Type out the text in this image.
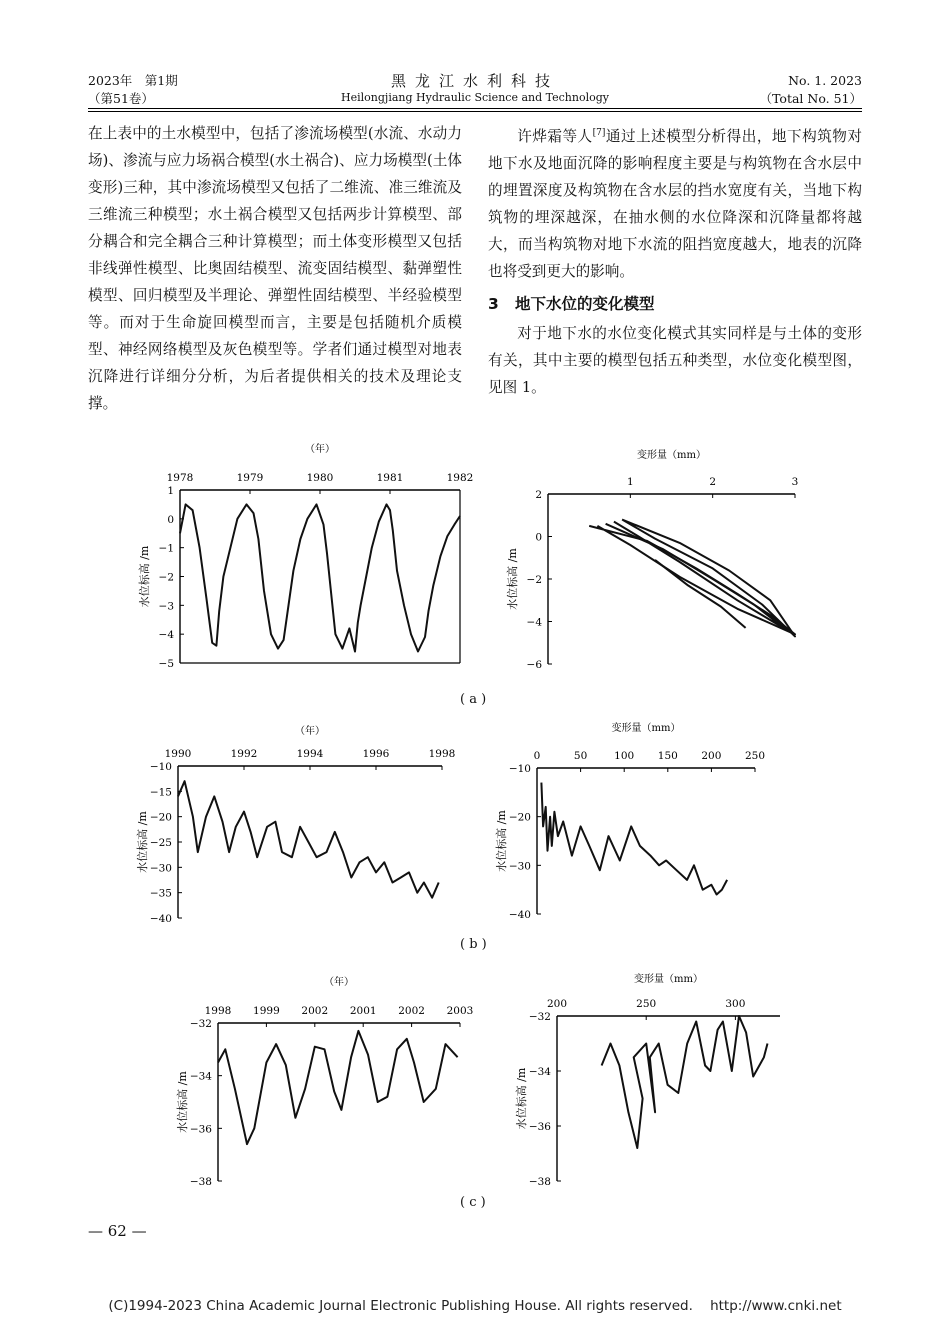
2023年　第1期
（第51卷）
黑龙江水利科技
Heilongjiang Hydraulic Science and Technology
No. 1. 2023
（Total No. 51）

在上表中的土水模型中，包括了渗流场模型(水流、水动力场)、渗流与应力场祸合模型(水土祸合)、应力场模型(土体变形)三种，其中渗流场模型又包括了二维流、准三维流及三维流三种模型；水土祸合模型又包括两步计算模型、部分耦合和完全耦合三种计算模型；而土体变形模型又包括非线弹性模型、比奥固结模型、流变固结模型、黏弹塑性模型、回归模型及半理论、弹塑性固结模型、半经验模型等。而对于生命旋回模型而言，主要是包括随机介质模型、神经网络模型及灰色模型等。学者们通过模型对地表沉降进行详细分分析，为后者提供相关的技术及理论支撑。

许烨霜等人[7]通过上述模型分析得出，地下构筑物对地下水及地面沉降的影响程度主要是与构筑物在含水层中的埋置深度及构筑物在含水层的挡水宽度有关，当地下构筑物的埋深越深，在抽水侧的水位降深和沉降量都将越大，而当构筑物对地下水流的阻挡宽度越大，地表的沉降也将受到更大的影响。

3 地下水位的变化模型

对于地下水的水位变化模式其实同样是与土体的变形有关，其中主要的模型包括五种类型，水位变化模型图，见图 1。

1978	1979	1980	1981	1982
（年）
1
0
−1
−2
−3
−4
−5
水位标高 /m
1	2	3
变形量（mm）
2
0
−2
−4
−6
水位标高 /m
1990	1992	1994	1996	1998
（年）
−10
−15
−20
−25
−30
−35
−40
水位标高 /m
0	50	100 150 200 250
变形量（mm）
−10
−20
−30
−40
水位标高 /m
1998 1999 2002 2001 2002 2003
（年）
−32
−34
−36
−38
水位标高 /m
200	250	300
变形量（mm）
−32
−34
−36
−38
水位标高 /m
( a )
( b )
( c )
— 62 —
(C)1994-2023 China Academic Journal Electronic Publishing House. All rights reserved.    http://www.cnki.net
